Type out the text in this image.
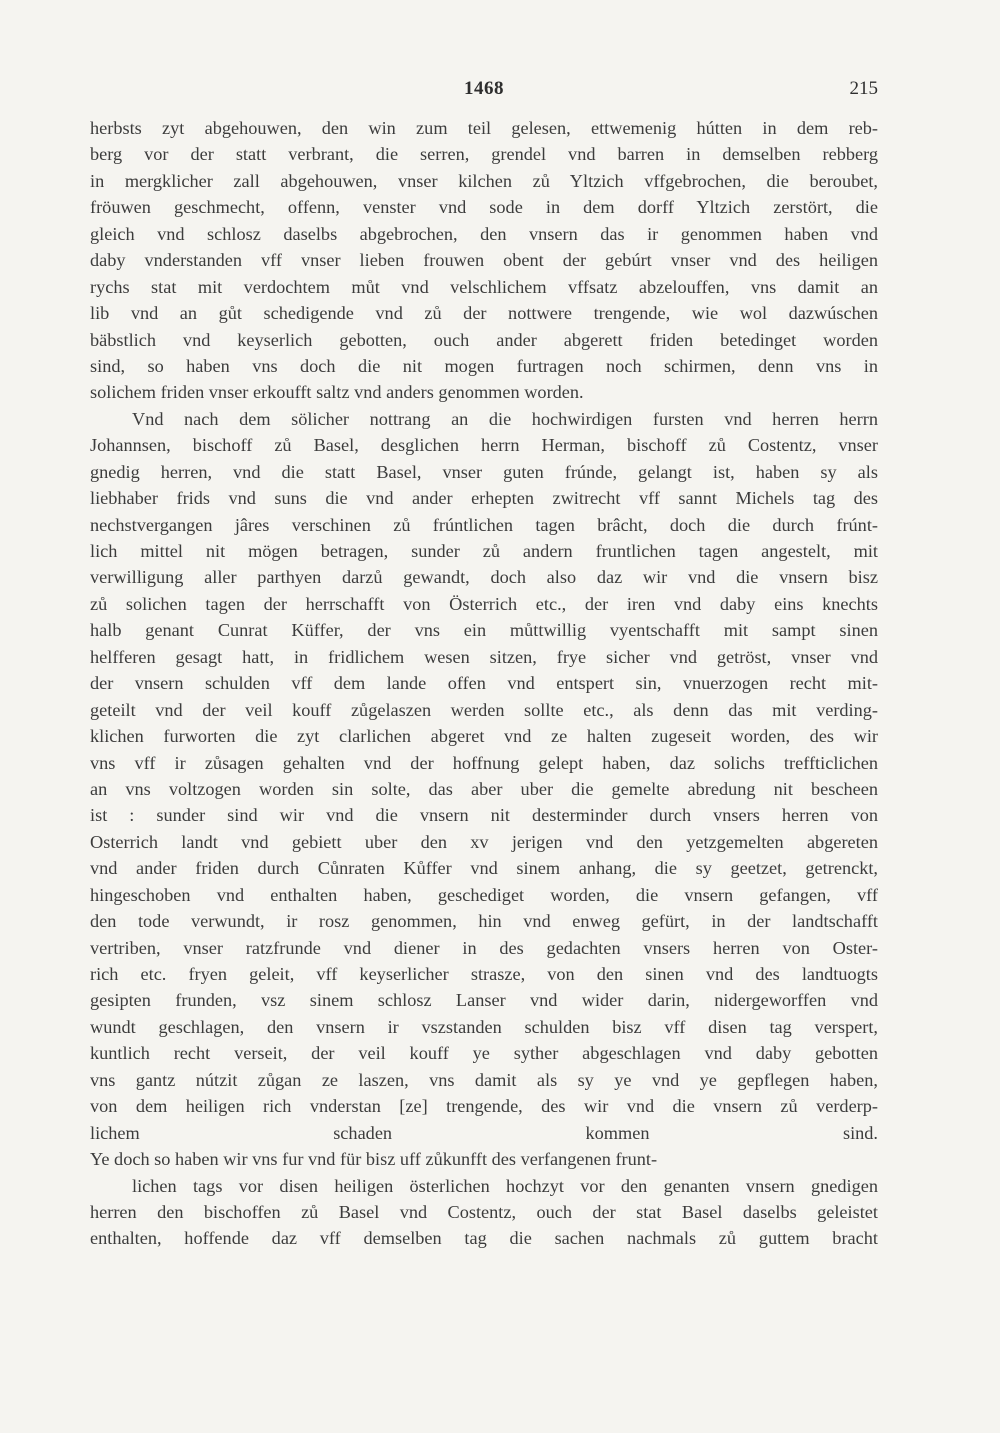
1468	215
herbsts zyt abgehouwen, den win zum teil gelesen, ettwemenig hútten in dem reb-
berg vor der statt verbrant, die serren, grendel vnd barren in demselben rebberg
in mergklicher zall abgehouwen, vnser kilchen zů Yltzich vffgebrochen, die beroubet,
fröuwen geschmecht, offenn, venster vnd sode in dem dorff Yltzich zerstört, die
gleich vnd schlosz daselbs abgebrochen, den vnsern das ir genommen haben vnd
daby vnderstanden vff vnser lieben frouwen obent der gebúrt vnser vnd des heiligen
rychs stat mit verdochtem můt vnd velschlichem vffsatz abzelouffen, vns damit an
lib vnd an gůt schedigende vnd zů der nottwere trengende, wie wol dazwúschen
bäbstlich vnd keyserlich gebotten, ouch ander abgerett friden betedinget worden
sind, so haben vns doch die nit mogen furtragen noch schirmen, denn vns in
solichem friden vnser erkoufft saltz vnd anders genommen worden.
Vnd nach dem sölicher nottrang an die hochwirdigen fursten vnd herren herrn
Johannsen, bischoff zů Basel, desglichen herrn Herman, bischoff zů Costentz, vnser
gnedig herren, vnd die statt Basel, vnser guten frúnde, gelangt ist, haben sy als
liebhaber frids vnd suns die vnd ander erhepten zwitrecht vff sannt Michels tag des
nechstvergangen jâres verschinen zů frúntlichen tagen brâcht, doch die durch frúnt-
lich mittel nit mögen betragen, sunder zů andern fruntlichen tagen angestelt, mit
verwilligung aller parthyen darzů gewandt, doch also daz wir vnd die vnsern bisz
zů solichen tagen der herrschafft von Österrich etc., der iren vnd daby eins knechts
halb genant Cunrat Küffer, der vns ein můttwillig vyentschafft mit sampt sinen
helfferen gesagt hatt, in fridlichem wesen sitzen, frye sicher vnd getröst, vnser vnd
der vnsern schulden vff dem lande offen vnd entspert sin, vnuerzogen recht mit-
geteilt vnd der veil kouff zůgelaszen werden sollte etc., als denn das mit verding-
klichen furworten die zyt clarlichen abgeret vnd ze halten zugeseit worden, des wir
vns vff ir zůsagen gehalten vnd der hoffnung gelept haben, daz solichs treffticlichen
an vns voltzogen worden sin solte, das aber uber die gemelte abredung nit bescheen
ist : sunder sind wir vnd die vnsern nit desterminder durch vnsers herren von
Osterrich landt vnd gebiett uber den xv jerigen vnd den yetzgemelten abgereten
vnd ander friden durch Cůnraten Kůffer vnd sinem anhang, die sy geetzet, getrenckt,
hingeschoben vnd enthalten haben, geschediget worden, die vnsern gefangen, vff
den tode verwundt, ir rosz genommen, hin vnd enweg gefürt, in der landtschafft
vertriben, vnser ratzfrunde vnd diener in des gedachten vnsers herren von Oster-
rich etc. fryen geleit, vff keyserlicher strasze, von den sinen vnd des landtuogts
gesipten frunden, vsz sinem schlosz Lanser vnd wider darin, nidergeworffen vnd
wundt geschlagen, den vnsern ir vszstanden schulden bisz vff disen tag verspert,
kuntlich recht verseit, der veil kouff ye syther abgeschlagen vnd daby gebotten
vns gantz nútzit zůgan ze laszen, vns damit als sy ye vnd ye gepflegen haben,
von dem heiligen rich vnderstan [ze] trengende, des wir vnd die vnsern zů verderp-
lichem schaden kommen sind.
Ye doch so haben wir vns fur vnd für bisz uff zůkunfft des verfangenen frunt-
lichen tags vor disen heiligen österlichen hochzyt vor den genanten vnsern gnedigen
herren den bischoffen zů Basel vnd Costentz, ouch der stat Basel daselbs geleistet
enthalten, hoffende daz vff demselben tag die sachen nachmals zů guttem bracht
